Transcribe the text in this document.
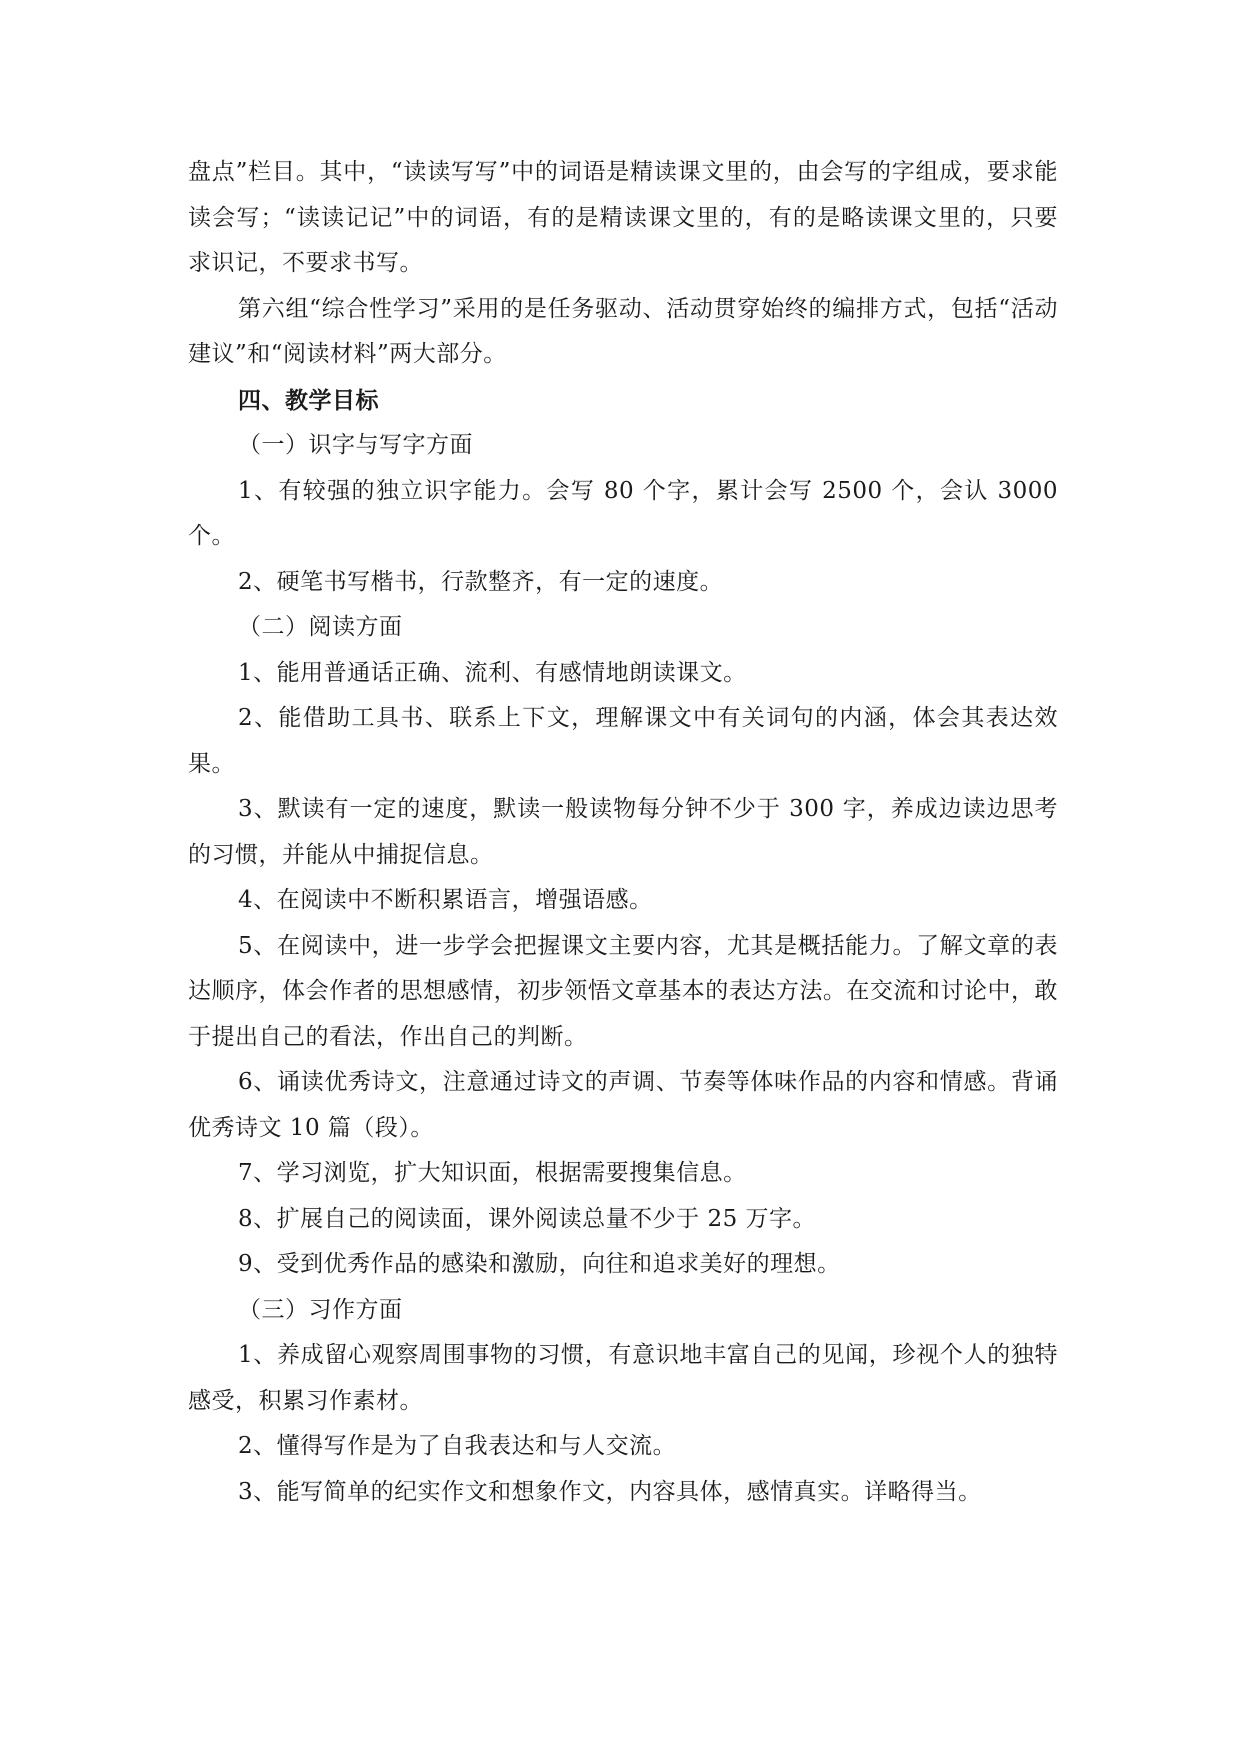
盘点”栏目。其中，“读读写写”中的词语是精读课文里的，由会写的字组成，要求能读会写；“读读记记”中的词语，有的是精读课文里的，有的是略读课文里的，只要求识记，不要求书写。

第六组“综合性学习”采用的是任务驱动、活动贯穿始终的编排方式，包括“活动建议”和“阅读材料”两大部分。

四、教学目标

（一）识字与写字方面

1、有较强的独立识字能力。会写 80 个字，累计会写 2500 个，会认 3000 个。

2、硬笔书写楷书，行款整齐，有一定的速度。

（二）阅读方面

1、能用普通话正确、流利、有感情地朗读课文。

2、能借助工具书、联系上下文，理解课文中有关词句的内涵，体会其表达效果。

3、默读有一定的速度，默读一般读物每分钟不少于 300 字，养成边读边思考的习惯，并能从中捕捉信息。

4、在阅读中不断积累语言，增强语感。

5、在阅读中，进一步学会把握课文主要内容，尤其是概括能力。了解文章的表达顺序，体会作者的思想感情，初步领悟文章基本的表达方法。在交流和讨论中，敢于提出自己的看法，作出自己的判断。

6、诵读优秀诗文，注意通过诗文的声调、节奏等体味作品的内容和情感。背诵优秀诗文 10 篇（段）。

7、学习浏览，扩大知识面，根据需要搜集信息。

8、扩展自己的阅读面，课外阅读总量不少于 25 万字。

9、受到优秀作品的感染和激励，向往和追求美好的理想。

（三）习作方面

1、养成留心观察周围事物的习惯，有意识地丰富自己的见闻，珍视个人的独特感受，积累习作素材。

2、懂得写作是为了自我表达和与人交流。

3、能写简单的纪实作文和想象作文，内容具体，感情真实。详略得当。
